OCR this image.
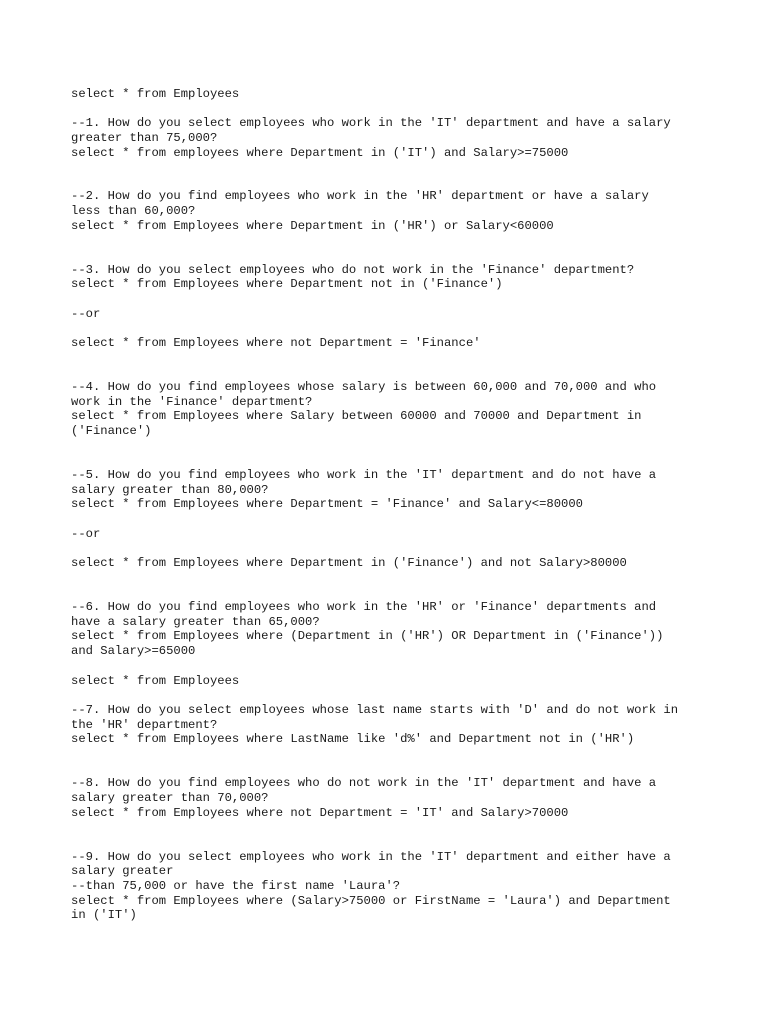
select * from Employees

--1. How do you select employees who work in the 'IT' department and have a salary

greater than 75,000?

select * from employees where Department in ('IT') and Salary>=75000

--2. How do you find employees who work in the 'HR' department or have a salary

less than 60,000?

select * from Employees where Department in ('HR') or Salary<60000

--3. How do you select employees who do not work in the 'Finance' department?

select * from Employees where Department not in ('Finance')

--or

select * from Employees where not Department = 'Finance'

--4. How do you find employees whose salary is between 60,000 and 70,000 and who

work in the 'Finance' department?

select * from Employees where Salary between 60000 and 70000 and Department in

('Finance')

--5. How do you find employees who work in the 'IT' department and do not have a

salary greater than 80,000?

select * from Employees where Department = 'Finance' and Salary<=80000

--or

select * from Employees where Department in ('Finance') and not Salary>80000

--6. How do you find employees who work in the 'HR' or 'Finance' departments and

have a salary greater than 65,000?

select * from Employees where (Department in ('HR') OR Department in ('Finance'))

and Salary>=65000

select * from Employees

--7. How do you select employees whose last name starts with 'D' and do not work in

the 'HR' department?

select * from Employees where LastName like 'd%' and Department not in ('HR')

--8. How do you find employees who do not work in the 'IT' department and have a

salary greater than 70,000?

select * from Employees where not Department = 'IT' and Salary>70000

--9. How do you select employees who work in the 'IT' department and either have a

salary greater

--than 75,000 or have the first name 'Laura'?

select * from Employees where (Salary>75000 or FirstName = 'Laura') and Department

in ('IT')
